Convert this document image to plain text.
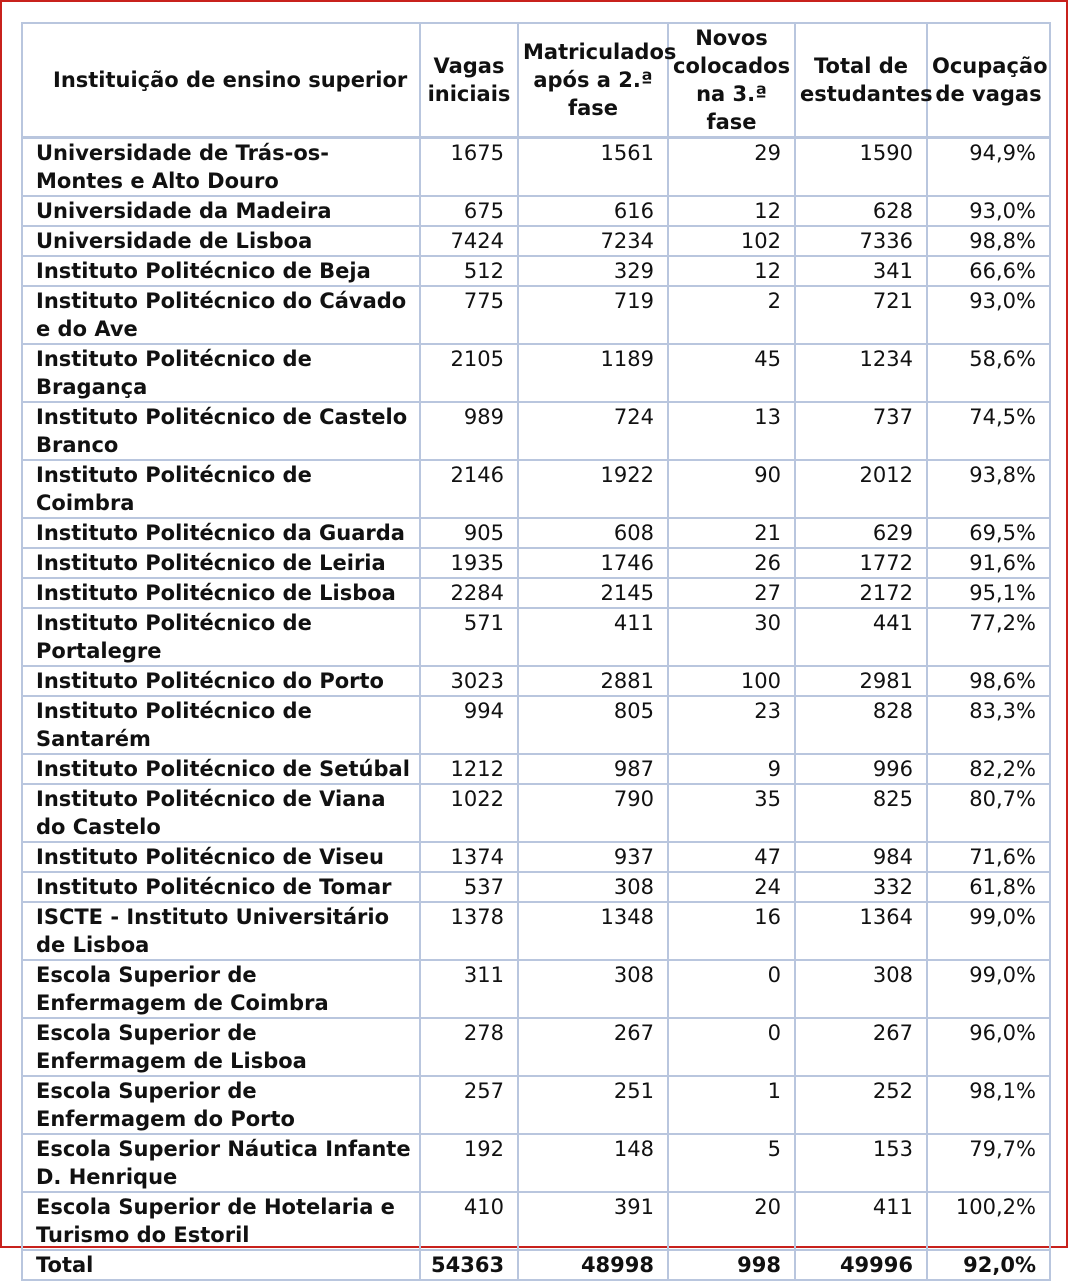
Instituição de ensino superior	Vagas iniciais	Matriculados após a 2.ª fase	Novos colocados na 3.ª fase	Total de estudantes	Ocupação de vagas
Universidade de Trás-os-Montes e Alto Douro	1675	1561	29	1590	94,9%
Universidade da Madeira	675	616	12	628	93,0%
Universidade de Lisboa	7424	7234	102	7336	98,8%
Instituto Politécnico de Beja	512	329	12	341	66,6%
Instituto Politécnico do Cávado e do Ave	775	719	2	721	93,0%
Instituto Politécnico de Bragança	2105	1189	45	1234	58,6%
Instituto Politécnico de Castelo Branco	989	724	13	737	74,5%
Instituto Politécnico de Coimbra	2146	1922	90	2012	93,8%
Instituto Politécnico da Guarda	905	608	21	629	69,5%
Instituto Politécnico de Leiria	1935	1746	26	1772	91,6%
Instituto Politécnico de Lisboa	2284	2145	27	2172	95,1%
Instituto Politécnico de Portalegre	571	411	30	441	77,2%
Instituto Politécnico do Porto	3023	2881	100	2981	98,6%
Instituto Politécnico de Santarém	994	805	23	828	83,3%
Instituto Politécnico de Setúbal	1212	987	9	996	82,2%
Instituto Politécnico de Viana do Castelo	1022	790	35	825	80,7%
Instituto Politécnico de Viseu	1374	937	47	984	71,6%
Instituto Politécnico de Tomar	537	308	24	332	61,8%
ISCTE - Instituto Universitário de Lisboa	1378	1348	16	1364	99,0%
Escola Superior de Enfermagem de Coimbra	311	308	0	308	99,0%
Escola Superior de Enfermagem de Lisboa	278	267	0	267	96,0%
Escola Superior de Enfermagem do Porto	257	251	1	252	98,1%
Escola Superior Náutica Infante D. Henrique	192	148	5	153	79,7%
Escola Superior de Hotelaria e Turismo do Estoril	410	391	20	411	100,2%
Total	54363	48998	998	49996	92,0%
